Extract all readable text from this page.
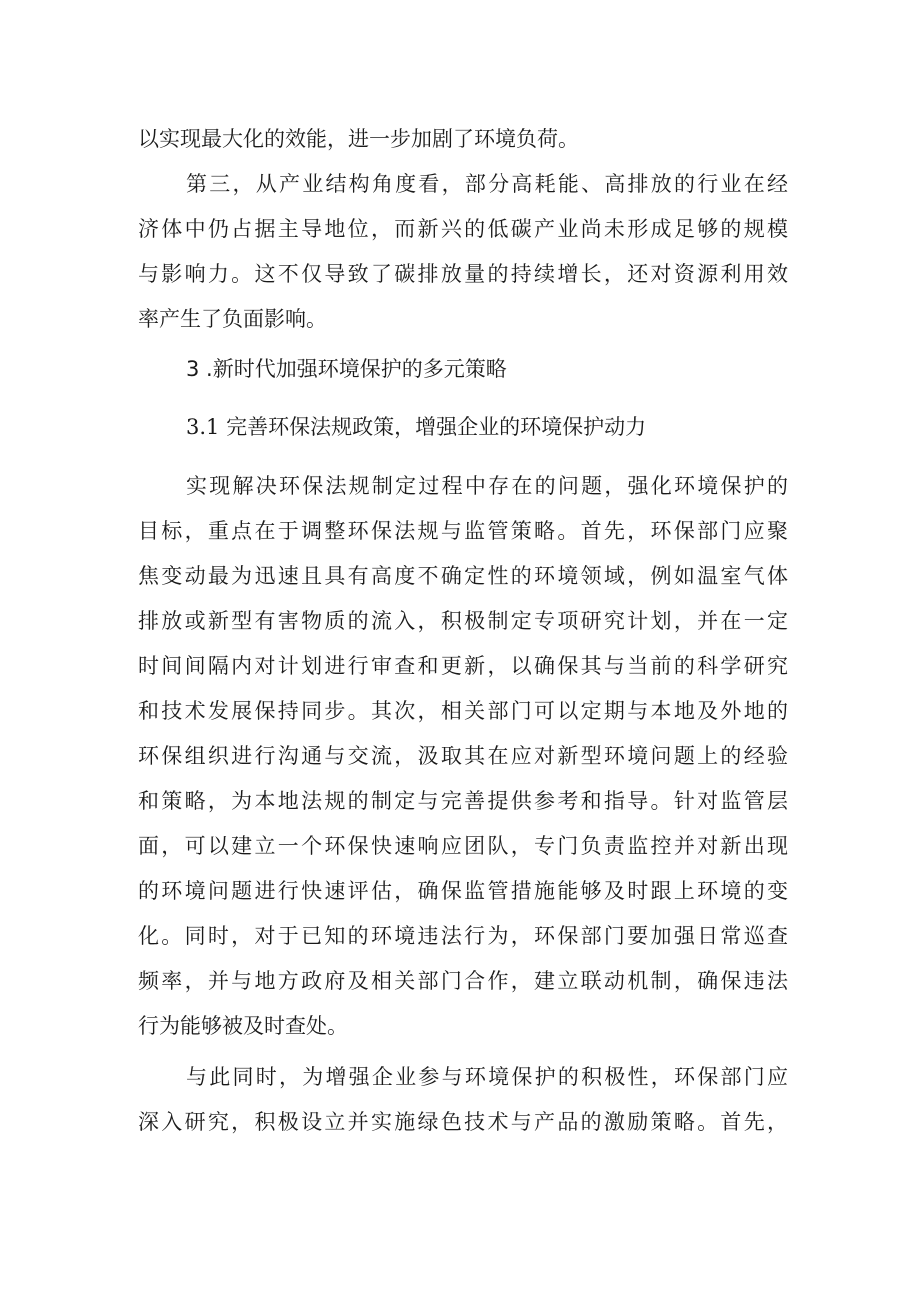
以实现最大化的效能，进一步加剧了环境负荷。
第三，从产业结构角度看，部分高耗能、高排放的行业在经
济体中仍占据主导地位，而新兴的低碳产业尚未形成足够的规模
与影响力。这不仅导致了碳排放量的持续增长，还对资源利用效
率产生了负面影响。
3 .新时代加强环境保护的多元策略
3.1 完善环保法规政策，增强企业的环境保护动力
实现解决环保法规制定过程中存在的问题，强化环境保护的
目标，重点在于调整环保法规与监管策略。首先，环保部门应聚
焦变动最为迅速且具有高度不确定性的环境领域，例如温室气体
排放或新型有害物质的流入，积极制定专项研究计划，并在一定
时间间隔内对计划进行审查和更新，以确保其与当前的科学研究
和技术发展保持同步。其次，相关部门可以定期与本地及外地的
环保组织进行沟通与交流，汲取其在应对新型环境问题上的经验
和策略，为本地法规的制定与完善提供参考和指导。针对监管层
面，可以建立一个环保快速响应团队，专门负责监控并对新出现
的环境问题进行快速评估，确保监管措施能够及时跟上环境的变
化。同时，对于已知的环境违法行为，环保部门要加强日常巡查
频率，并与地方政府及相关部门合作，建立联动机制，确保违法
行为能够被及时查处。
与此同时，为增强企业参与环境保护的积极性，环保部门应
深入研究，积极设立并实施绿色技术与产品的激励策略。首先，
